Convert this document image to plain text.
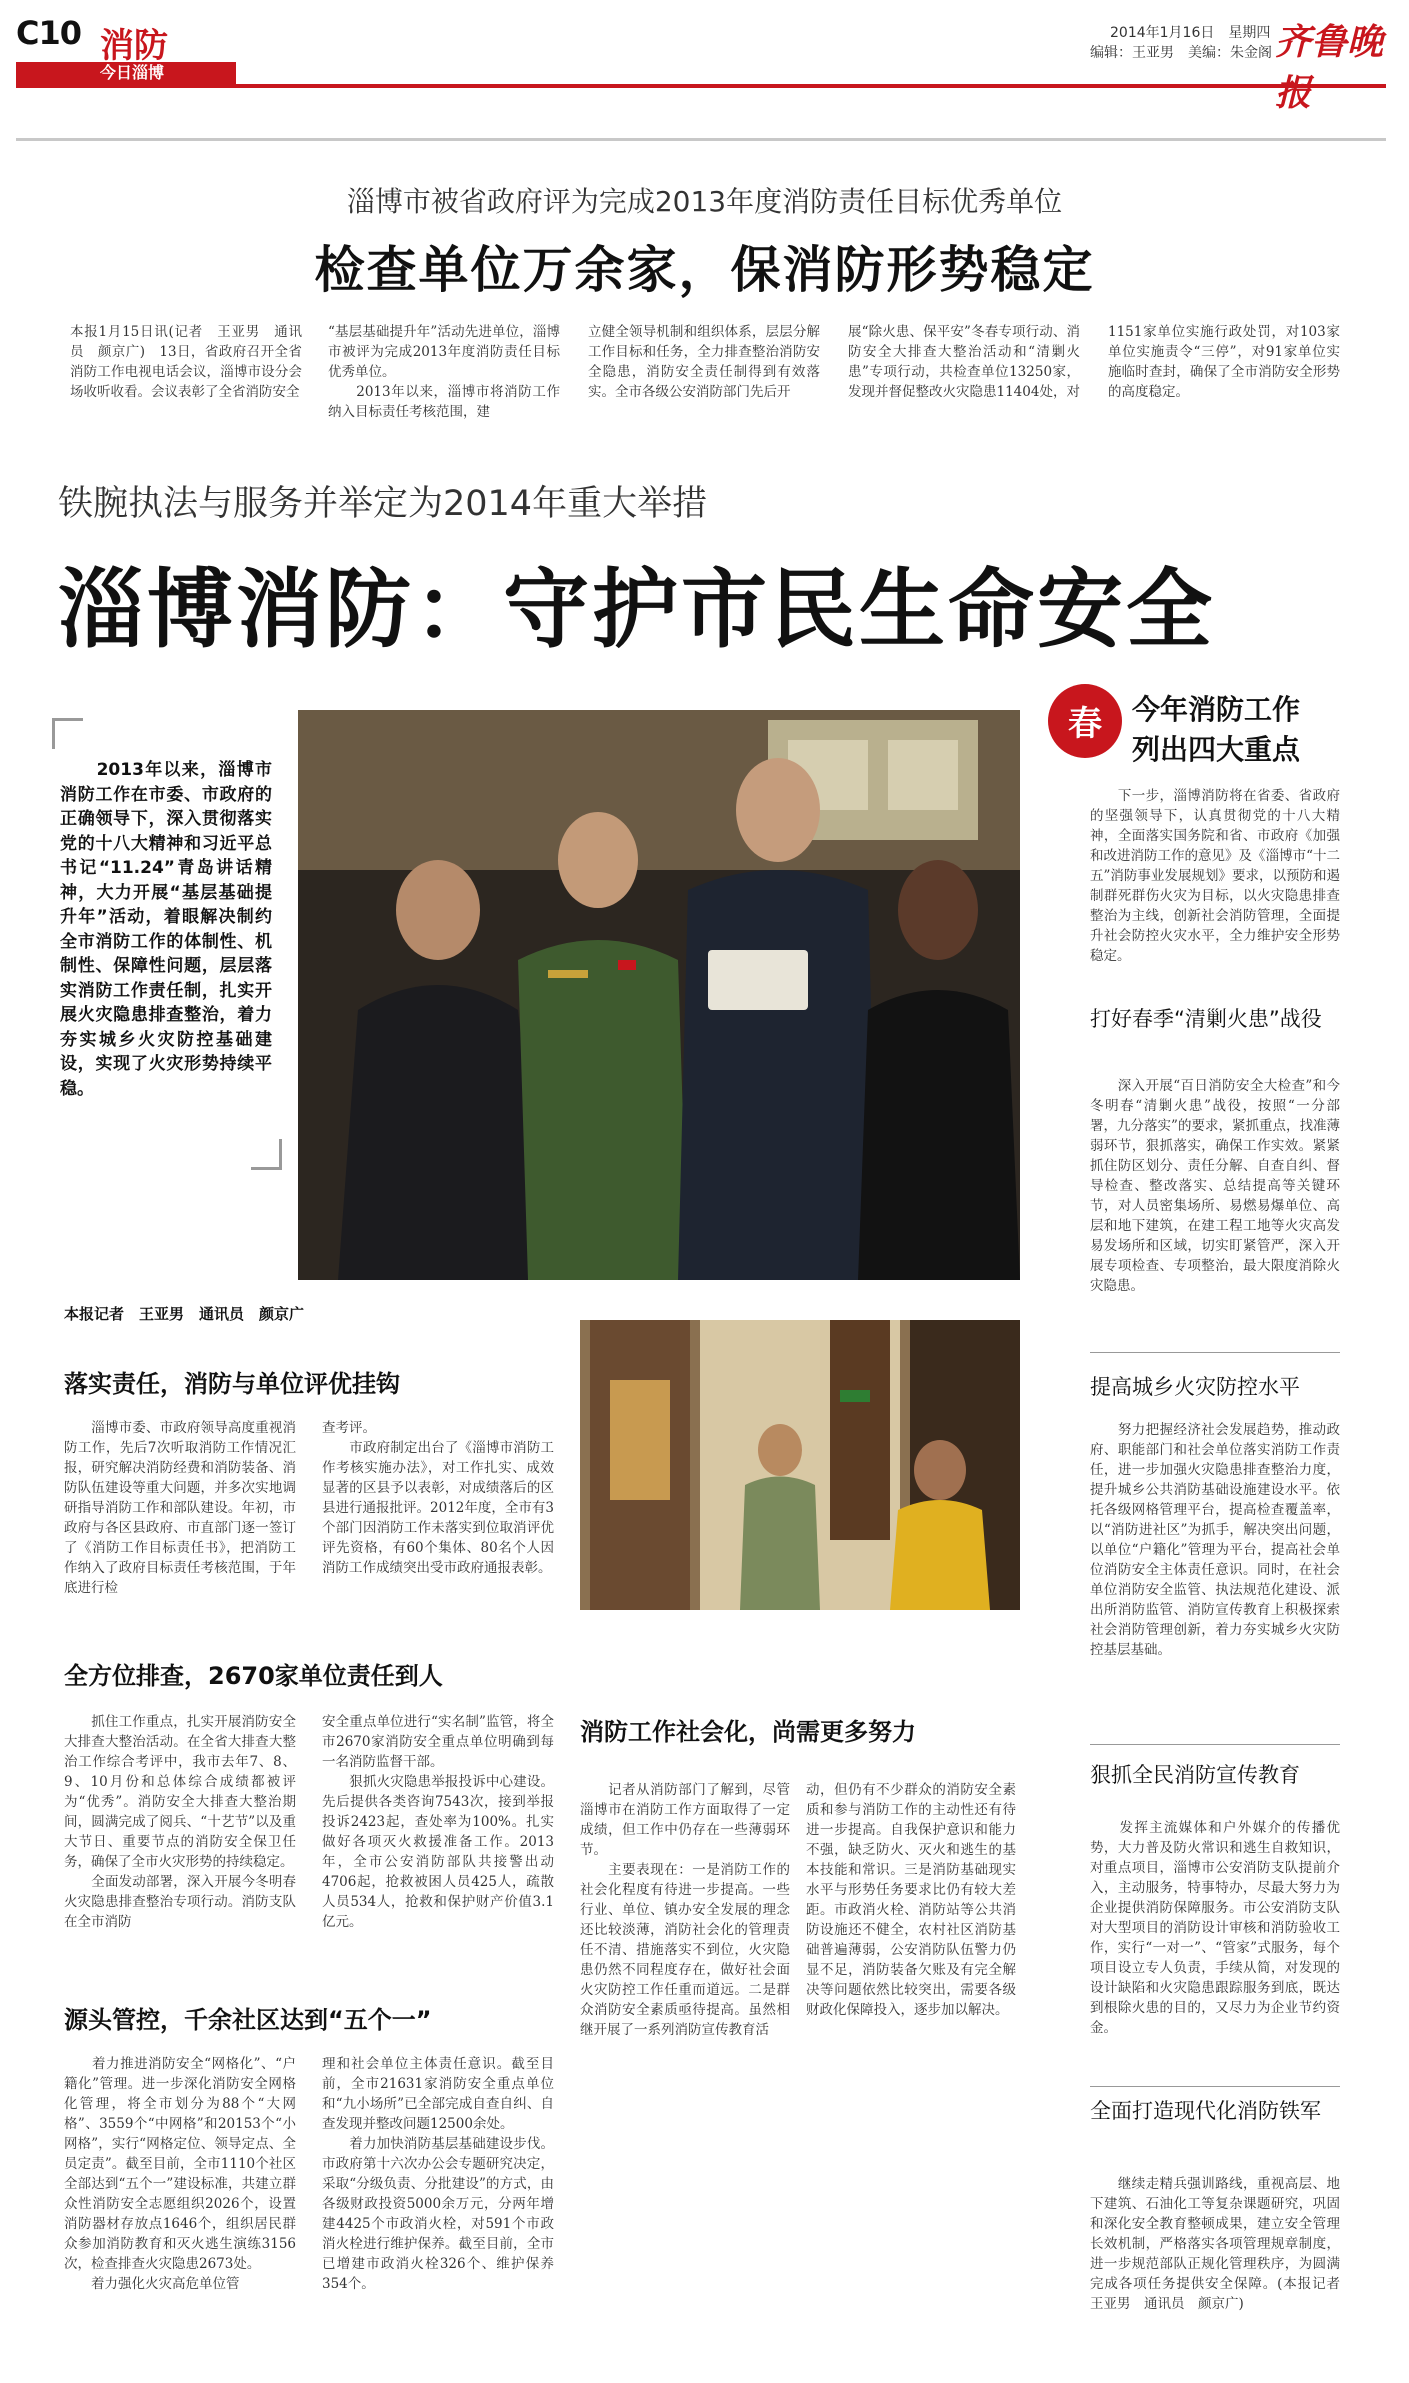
C10 消防
今日淄博
2014年1月16日　星期四
编辑：王亚男　美编：朱金阁 齐鲁晚报
淄博市被省政府评为完成2013年度消防责任目标优秀单位
检查单位万余家，保消防形势稳定
本报1月15日讯(记者　王亚男　通讯员　颜京广)　13日，省政府召开全省消防工作电视电话会议，淄博市设分会场收听收看。会议表彰了全省消防安全
“基层基础提升年”活动先进单位，淄博市被评为完成2013年度消防责任目标优秀单位。
　　2013年以来，淄博市将消防工作纳入目标责任考核范围，建
立健全领导机制和组织体系，层层分解工作目标和任务，全力排查整治消防安全隐患，消防安全责任制得到有效落实。全市各级公安消防部门先后开
展“除火患、保平安”冬春专项行动、消防安全大排查大整治活动和“清剿火患”专项行动，共检查单位13250家，发现并督促整改火灾隐患11404处，对
1151家单位实施行政处罚，对103家单位实施责令“三停”，对91家单位实施临时查封，确保了全市消防安全形势的高度稳定。
铁腕执法与服务并举定为2014年重大举措
淄博消防：守护市民生命安全
　　2013年以来，淄博市消防工作在市委、市政府的正确领导下，深入贯彻落实党的十八大精神和习近平总书记“11.24”青岛讲话精神，大力开展“基层基础提升年”活动，着眼解决制约全市消防工作的体制性、机制性、保障性问题，层层落实消防工作责任制，扎实开展火灾隐患排查整治，着力夯实城乡火灾防控基础建设，实现了火灾形势持续平稳。
本报记者　王亚男　通讯员　颜京广
落实责任，消防与单位评优挂钩
　　淄博市委、市政府领导高度重视消防工作，先后7次听取消防工作情况汇报，研究解决消防经费和消防装备、消防队伍建设等重大问题，并多次实地调研指导消防工作和部队建设。年初，市政府与各区县政府、市直部门逐一签订了《消防工作目标责任书》，把消防工作纳入了政府目标责任考核范围，于年底进行检
查考评。
　　市政府制定出台了《淄博市消防工作考核实施办法》，对工作扎实、成效显著的区县予以表彰，对成绩落后的区县进行通报批评。2012年度，全市有3个部门因消防工作未落实到位取消评优评先资格，有60个集体、80名个人因消防工作成绩突出受市政府通报表彰。
全方位排查，2670家单位责任到人
　　抓住工作重点，扎实开展消防安全大排查大整治活动。在全省大排查大整治工作综合考评中，我市去年7、8、9、10月份和总体综合成绩都被评为“优秀”。消防安全大排查大整治期间，圆满完成了阅兵、“十艺节”以及重大节日、重要节点的消防安全保卫任务，确保了全市火灾形势的持续稳定。
　　全面发动部署，深入开展今冬明春火灾隐患排查整治专项行动。消防支队在全市消防
安全重点单位进行“实名制”监管，将全市2670家消防安全重点单位明确到每一名消防监督干部。
　　狠抓火灾隐患举报投诉中心建设。先后提供各类咨询7543次，接到举报投诉2423起，查处率为100%。扎实做好各项灭火救援准备工作。2013年，全市公安消防部队共接警出动4706起，抢救被困人员425人，疏散人员534人，抢救和保护财产价值3.1亿元。
源头管控，千余社区达到“五个一”
　　着力推进消防安全“网格化”、“户籍化”管理。进一步深化消防安全网格化管理，将全市划分为88个“大网格”、3559个“中网格”和20153个“小网格”，实行“网格定位、领导定点、全员定责”。截至目前，全市1110个社区全部达到“五个一”建设标准，共建立群众性消防安全志愿组织2026个，设置消防器材存放点1646个，组织居民群众参加消防教育和灭火逃生演练3156次，检查排查火灾隐患2673处。
　　着力强化火灾高危单位管
理和社会单位主体责任意识。截至目前，全市21631家消防安全重点单位和“九小场所”已全部完成自查自纠、自查发现并整改问题12500余处。
　　着力加快消防基层基础建设步伐。市政府第十六次办公会专题研究决定，采取“分级负责、分批建设”的方式，由各级财政投资5000余万元，分两年增建4425个市政消火栓，对591个市政消火栓进行维护保养。截至目前，全市已增建市政消火栓326个、维护保养354个。
消防工作社会化，尚需更多努力
　　记者从消防部门了解到，尽管淄博市在消防工作方面取得了一定成绩，但工作中仍存在一些薄弱环节。
　　主要表现在：一是消防工作的社会化程度有待进一步提高。一些行业、单位、镇办安全发展的理念还比较淡薄，消防社会化的管理责任不清、措施落实不到位，火灾隐患仍然不同程度存在，做好社会面火灾防控工作任重而道远。二是群众消防安全素质亟待提高。虽然相继开展了一系列消防宣传教育活
动，但仍有不少群众的消防安全素质和参与消防工作的主动性还有待进一步提高。自我保护意识和能力不强，缺乏防火、灭火和逃生的基本技能和常识。三是消防基础现实水平与形势任务要求比仍有较大差距。市政消火栓、消防站等公共消防设施还不健全，农村社区消防基础普遍薄弱，公安消防队伍警力仍显不足，消防装备欠账及有完全解决等问题依然比较突出，需要各级财政化保障投入，逐步加以解决。
春	今年消防工作
列出四大重点
　　下一步，淄博消防将在省委、省政府的坚强领导下，认真贯彻党的十八大精神，全面落实国务院和省、市政府《加强和改进消防工作的意见》及《淄博市“十二五”消防事业发展规划》要求，以预防和遏制群死群伤火灾为目标，以火灾隐患排查整治为主线，创新社会消防管理，全面提升社会防控火灾水平，全力维护安全形势稳定。
打好春季“清剿火患”战役
　　深入开展“百日消防安全大检查”和今冬明春“清剿火患”战役，按照“一分部署，九分落实”的要求，紧抓重点，找准薄弱环节，狠抓落实，确保工作实效。紧紧抓住防区划分、责任分解、自查自纠、督导检查、整改落实、总结提高等关键环节，对人员密集场所、易燃易爆单位、高层和地下建筑，在建工程工地等火灾高发易发场所和区域，切实盯紧管严，深入开展专项检查、专项整治，最大限度消除火灾隐患。
提高城乡火灾防控水平
　　努力把握经济社会发展趋势，推动政府、职能部门和社会单位落实消防工作责任，进一步加强火灾隐患排查整治力度，提升城乡公共消防基础设施建设水平。依托各级网格管理平台，提高检查覆盖率，以“消防进社区”为抓手，解决突出问题，以单位“户籍化”管理为平台，提高社会单位消防安全主体责任意识。同时，在社会单位消防安全监管、执法规范化建设、派出所消防监管、消防宣传教育上积极探索社会消防管理创新，着力夯实城乡火灾防控基层基础。
狠抓全民消防宣传教育
　　发挥主流媒体和户外媒介的传播优势，大力普及防火常识和逃生自救知识，对重点项目，淄博市公安消防支队提前介入，主动服务，特事特办，尽最大努力为企业提供消防保障服务。市公安消防支队对大型项目的消防设计审核和消防验收工作，实行“一对一”、“管家”式服务，每个项目设立专人负责，手续从简，对发现的设计缺陷和火灾隐患跟踪服务到底，既达到根除火患的目的，又尽力为企业节约资金。
全面打造现代化消防铁军
　　继续走精兵强训路线，重视高层、地下建筑、石油化工等复杂课题研究，巩固和深化安全教育整顿成果，建立安全管理长效机制，严格落实各项管理规章制度，进一步规范部队正规化管理秩序，为圆满完成各项任务提供安全保障。(本报记者　王亚男　通讯员　颜京广)
